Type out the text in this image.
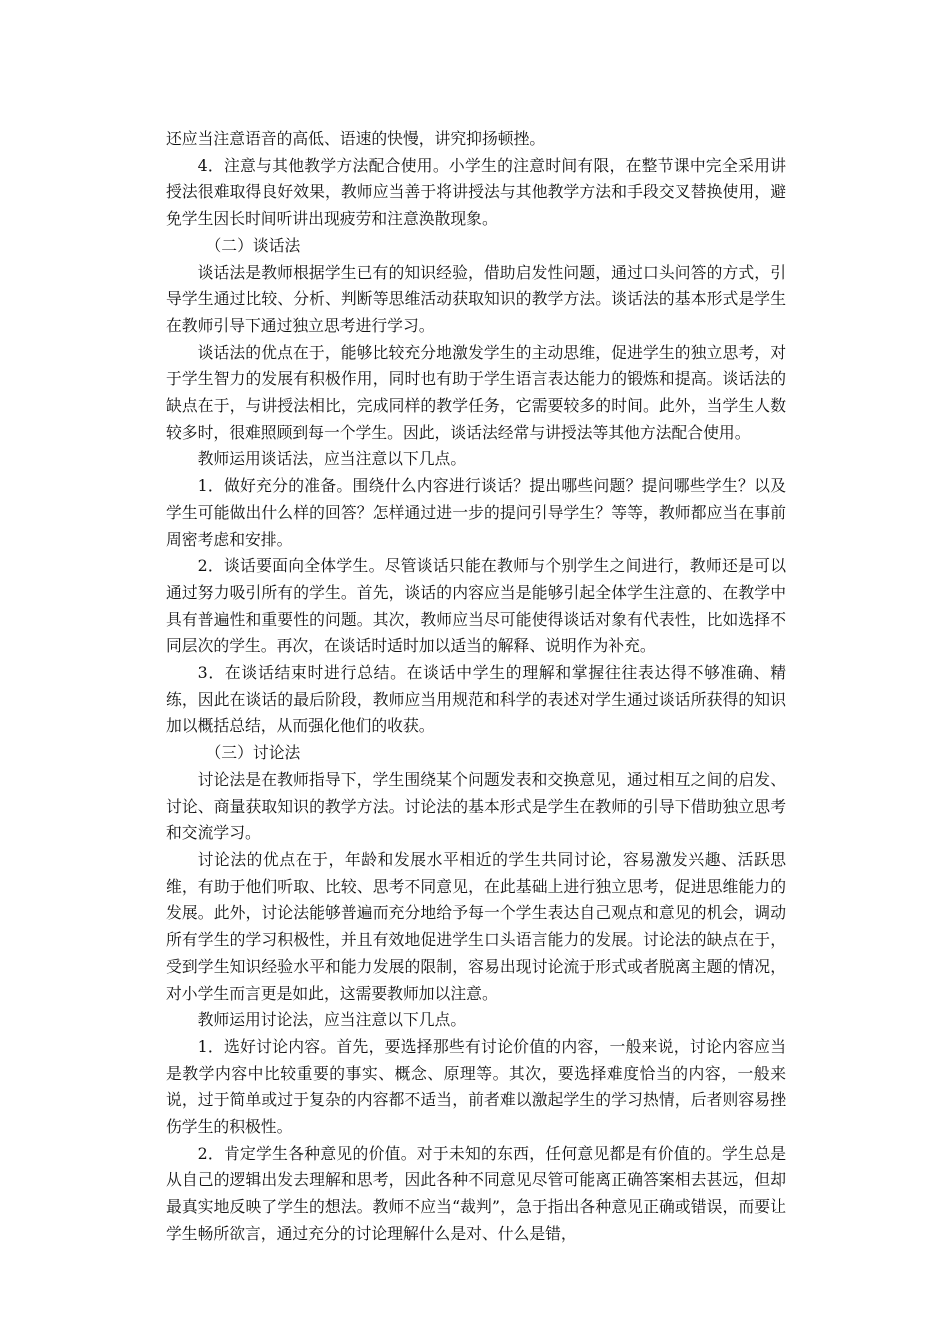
还应当注意语音的高低、语速的快慢，讲究抑扬顿挫。

4．注意与其他教学方法配合使用。小学生的注意时间有限，在整节课中完全采用讲授法很难取得良好效果，教师应当善于将讲授法与其他教学方法和手段交叉替换使用，避免学生因长时间听讲出现疲劳和注意涣散现象。

（二）谈话法

谈话法是教师根据学生已有的知识经验，借助启发性问题，通过口头问答的方式，引导学生通过比较、分析、判断等思维活动获取知识的教学方法。谈话法的基本形式是学生在教师引导下通过独立思考进行学习。

谈话法的优点在于，能够比较充分地激发学生的主动思维，促进学生的独立思考，对于学生智力的发展有积极作用，同时也有助于学生语言表达能力的锻炼和提高。谈话法的缺点在于，与讲授法相比，完成同样的教学任务，它需要较多的时间。此外，当学生人数较多时，很难照顾到每一个学生。因此，谈话法经常与讲授法等其他方法配合使用。

教师运用谈话法，应当注意以下几点。

1．做好充分的准备。围绕什么内容进行谈话？提出哪些问题？提问哪些学生？以及学生可能做出什么样的回答？怎样通过进一步的提问引导学生？等等，教师都应当在事前周密考虑和安排。

2．谈话要面向全体学生。尽管谈话只能在教师与个别学生之间进行，教师还是可以通过努力吸引所有的学生。首先，谈话的内容应当是能够引起全体学生注意的、在教学中具有普遍性和重要性的问题。其次，教师应当尽可能使得谈话对象有代表性，比如选择不同层次的学生。再次，在谈话时适时加以适当的解释、说明作为补充。

3．在谈话结束时进行总结。在谈话中学生的理解和掌握往往表达得不够准确、精练，因此在谈话的最后阶段，教师应当用规范和科学的表述对学生通过谈话所获得的知识加以概括总结，从而强化他们的收获。

（三）讨论法

讨论法是在教师指导下，学生围绕某个问题发表和交换意见，通过相互之间的启发、讨论、商量获取知识的教学方法。讨论法的基本形式是学生在教师的引导下借助独立思考和交流学习。

讨论法的优点在于，年龄和发展水平相近的学生共同讨论，容易激发兴趣、活跃思维，有助于他们听取、比较、思考不同意见，在此基础上进行独立思考，促进思维能力的发展。此外，讨论法能够普遍而充分地给予每一个学生表达自己观点和意见的机会，调动所有学生的学习积极性，并且有效地促进学生口头语言能力的发展。讨论法的缺点在于，受到学生知识经验水平和能力发展的限制，容易出现讨论流于形式或者脱离主题的情况，对小学生而言更是如此，这需要教师加以注意。

教师运用讨论法，应当注意以下几点。

1．选好讨论内容。首先，要选择那些有讨论价值的内容，一般来说，讨论内容应当是教学内容中比较重要的事实、概念、原理等。其次，要选择难度恰当的内容，一般来说，过于简单或过于复杂的内容都不适当，前者难以激起学生的学习热情，后者则容易挫伤学生的积极性。

2．肯定学生各种意见的价值。对于未知的东西，任何意见都是有价值的。学生总是从自己的逻辑出发去理解和思考，因此各种不同意见尽管可能离正确答案相去甚远，但却最真实地反映了学生的想法。教师不应当“裁判”，急于指出各种意见正确或错误，而要让学生畅所欲言，通过充分的讨论理解什么是对、什么是错，
